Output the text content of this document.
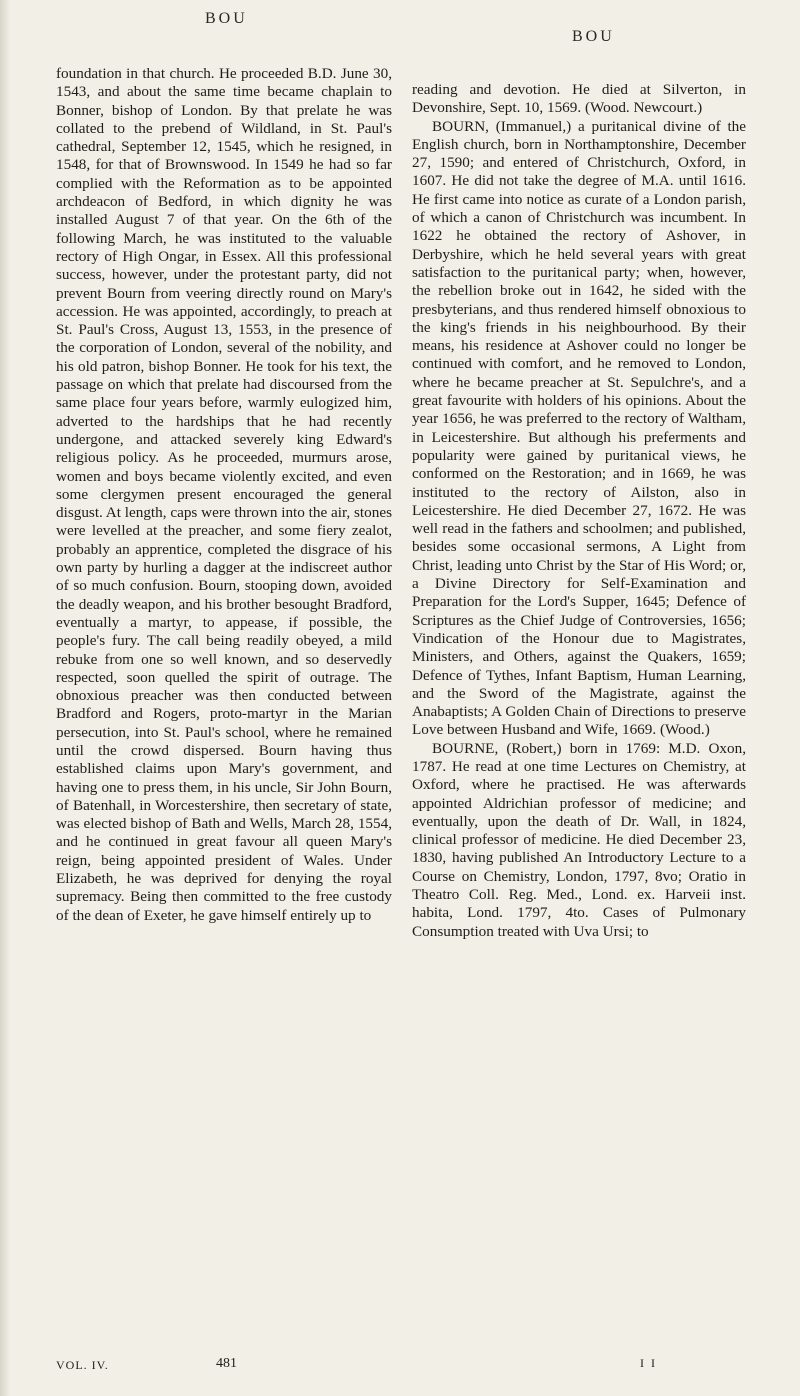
BOU
BOU

foundation in that church. He proceeded B.D. June 30, 1543, and about the same time became chaplain to Bonner, bishop of London. By that prelate he was collated to the prebend of Wildland, in St. Paul's cathedral, September 12, 1545, which he resigned, in 1548, for that of Brownswood. In 1549 he had so far complied with the Reformation as to be appointed archdeacon of Bedford, in which dignity he was installed August 7 of that year. On the 6th of the following March, he was instituted to the valuable rectory of High Ongar, in Essex. All this professional success, however, under the protestant party, did not prevent Bourn from veering directly round on Mary's accession. He was appointed, accordingly, to preach at St. Paul's Cross, August 13, 1553, in the presence of the corporation of London, several of the nobility, and his old patron, bishop Bonner. He took for his text, the passage on which that prelate had discoursed from the same place four years before, warmly eulogized him, adverted to the hardships that he had recently undergone, and attacked severely king Edward's religious policy. As he proceeded, murmurs arose, women and boys became violently excited, and even some clergymen present encouraged the general disgust. At length, caps were thrown into the air, stones were levelled at the preacher, and some fiery zealot, probably an apprentice, completed the disgrace of his own party by hurling a dagger at the indiscreet author of so much confusion. Bourn, stooping down, avoided the deadly weapon, and his brother besought Bradford, eventually a martyr, to appease, if possible, the people's fury. The call being readily obeyed, a mild rebuke from one so well known, and so deservedly respected, soon quelled the spirit of outrage. The obnoxious preacher was then conducted between Bradford and Rogers, proto-martyr in the Marian persecution, into St. Paul's school, where he remained until the crowd dispersed. Bourn having thus established claims upon Mary's government, and having one to press them, in his uncle, Sir John Bourn, of Batenhall, in Worcestershire, then secretary of state, was elected bishop of Bath and Wells, March 28, 1554, and he continued in great favour all queen Mary's reign, being appointed president of Wales. Under Elizabeth, he was deprived for denying the royal supremacy. Being then committed to the free custody of the dean of Exeter, he gave himself entirely up to

reading and devotion. He died at Silverton, in Devonshire, Sept. 10, 1569. (Wood. Newcourt.)

BOURN, (Immanuel,) a puritanical divine of the English church, born in Northamptonshire, December 27, 1590; and entered of Christchurch, Oxford, in 1607. He did not take the degree of M.A. until 1616. He first came into notice as curate of a London parish, of which a canon of Christchurch was incumbent. In 1622 he obtained the rectory of Ashover, in Derbyshire, which he held several years with great satisfaction to the puritanical party; when, however, the rebellion broke out in 1642, he sided with the presbyterians, and thus rendered himself obnoxious to the king's friends in his neighbourhood. By their means, his residence at Ashover could no longer be continued with comfort, and he removed to London, where he became preacher at St. Sepulchre's, and a great favourite with holders of his opinions. About the year 1656, he was preferred to the rectory of Waltham, in Leicestershire. But although his preferments and popularity were gained by puritanical views, he conformed on the Restoration; and in 1669, he was instituted to the rectory of Ailston, also in Leicestershire. He died December 27, 1672. He was well read in the fathers and schoolmen; and published, besides some occasional sermons, A Light from Christ, leading unto Christ by the Star of His Word; or, a Divine Directory for Self-Examination and Preparation for the Lord's Supper, 1645; Defence of Scriptures as the Chief Judge of Controversies, 1656; Vindication of the Honour due to Magistrates, Ministers, and Others, against the Quakers, 1659; Defence of Tythes, Infant Baptism, Human Learning, and the Sword of the Magistrate, against the Anabaptists; A Golden Chain of Directions to preserve Love between Husband and Wife, 1669. (Wood.)

BOURNE, (Robert,) born in 1769: M.D. Oxon, 1787. He read at one time Lectures on Chemistry, at Oxford, where he practised. He was afterwards appointed Aldrichian professor of medicine; and eventually, upon the death of Dr. Wall, in 1824, clinical professor of medicine. He died December 23, 1830, having published An Introductory Lecture to a Course on Chemistry, London, 1797, 8vo; Oratio in Theatro Coll. Reg. Med., Lond. ex. Harveii inst. habita, Lond. 1797, 4to. Cases of Pulmonary Consumption treated with Uva Ursi; to

VOL. IV.	481	I I
